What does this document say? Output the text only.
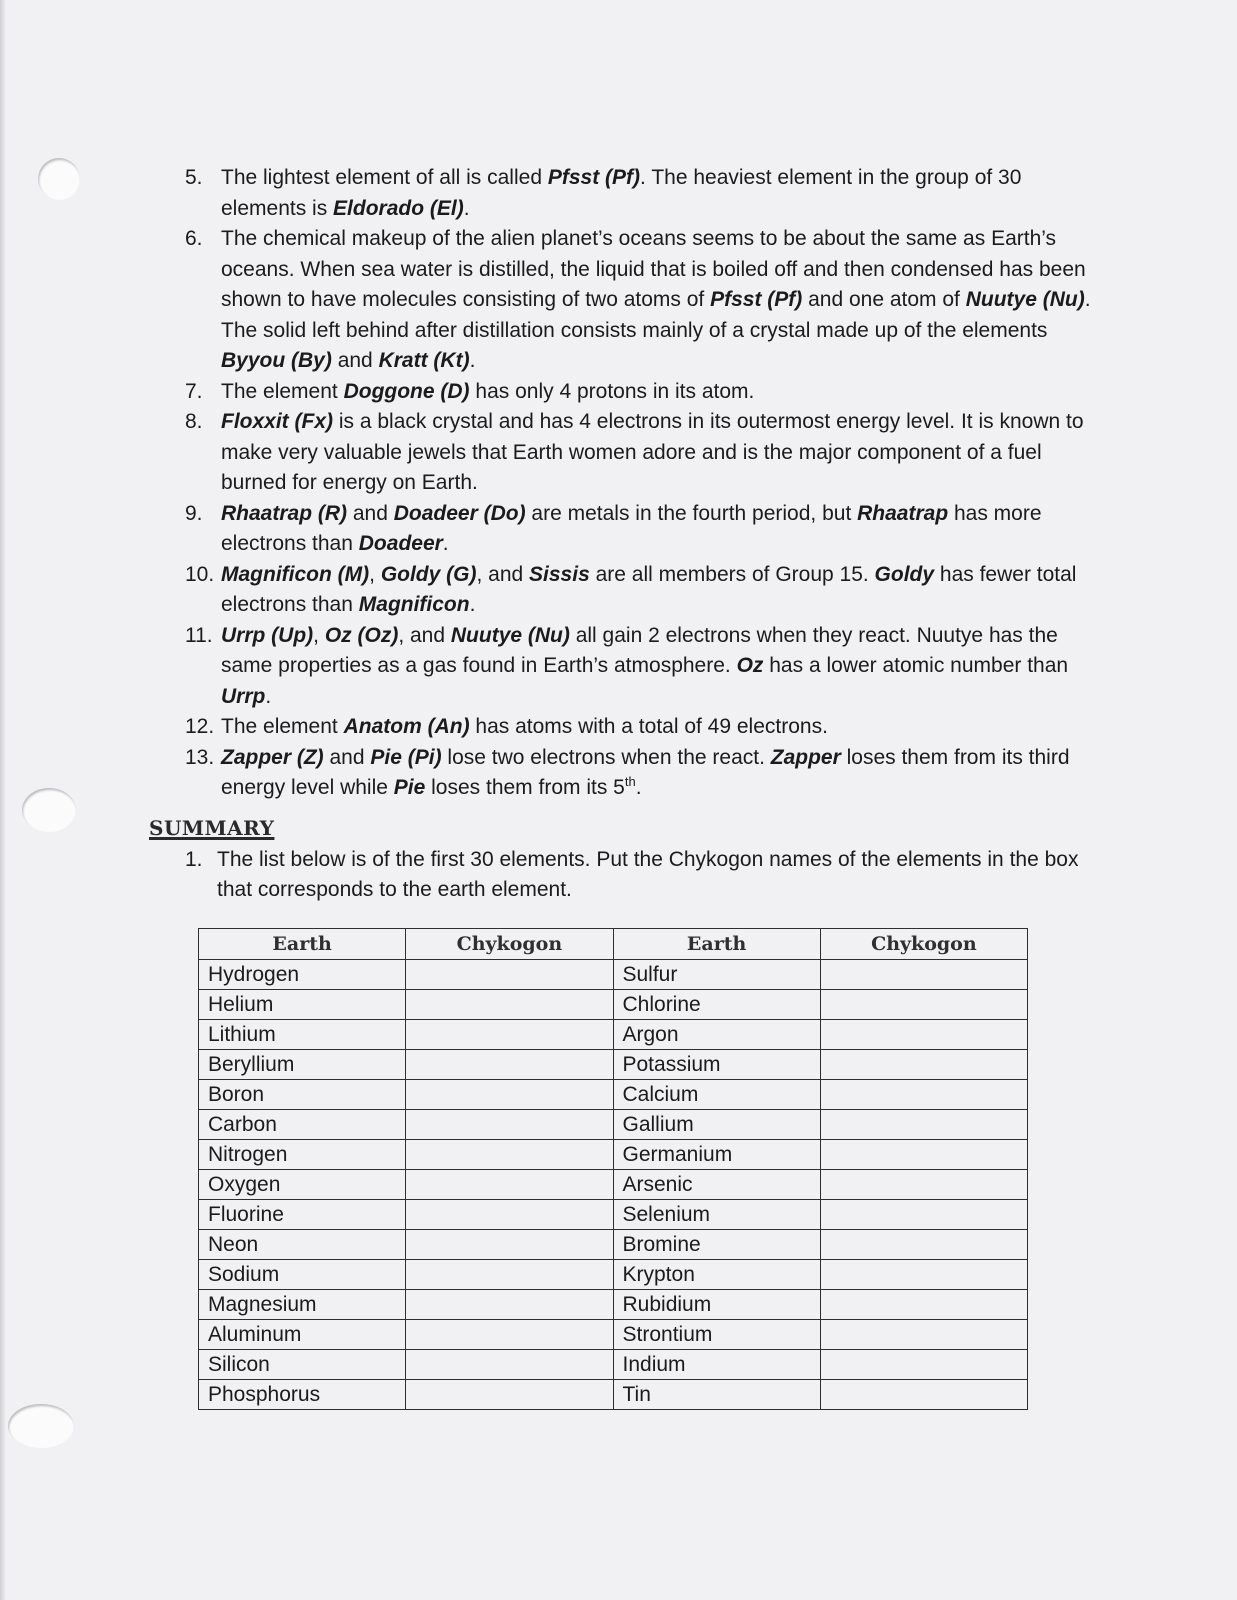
5. The lightest element of all is called Pfsst (Pf). The heaviest element in the group of 30 elements is Eldorado (El).
6. The chemical makeup of the alien planet’s oceans seems to be about the same as Earth’s oceans. When sea water is distilled, the liquid that is boiled off and then condensed has been shown to have molecules consisting of two atoms of Pfsst (Pf) and one atom of Nuutye (Nu). The solid left behind after distillation consists mainly of a crystal made up of the elements Byyou (By) and Kratt (Kt).
7. The element Doggone (D) has only 4 protons in its atom.
8. Floxxit (Fx) is a black crystal and has 4 electrons in its outermost energy level. It is known to make very valuable jewels that Earth women adore and is the major component of a fuel burned for energy on Earth.
9. Rhaatrap (R) and Doadeer (Do) are metals in the fourth period, but Rhaatrap has more electrons than Doadeer.
10. Magnificon (M), Goldy (G), and Sissis are all members of Group 15. Goldy has fewer total electrons than Magnificon.
11. Urrp (Up), Oz (Oz), and Nuutye (Nu) all gain 2 electrons when they react. Nuutye has the same properties as a gas found in Earth’s atmosphere. Oz has a lower atomic number than Urrp.
12. The element Anatom (An) has atoms with a total of 49 electrons.
13. Zapper (Z) and Pie (Pi) lose two electrons when the react. Zapper loses them from its third energy level while Pie loses them from its 5th.
SUMMARY
1. The list below is of the first 30 elements. Put the Chykogon names of the elements in the box that corresponds to the earth element.
Earth	Chykogon	Earth	Chykogon
Hydrogen		Sulfur	
Helium		Chlorine	
Lithium		Argon	
Beryllium		Potassium	
Boron		Calcium	
Carbon		Gallium	
Nitrogen		Germanium	
Oxygen		Arsenic	
Fluorine		Selenium	
Neon		Bromine	
Sodium		Krypton	
Magnesium		Rubidium	
Aluminum		Strontium	
Silicon		Indium	
Phosphorus		Tin	
